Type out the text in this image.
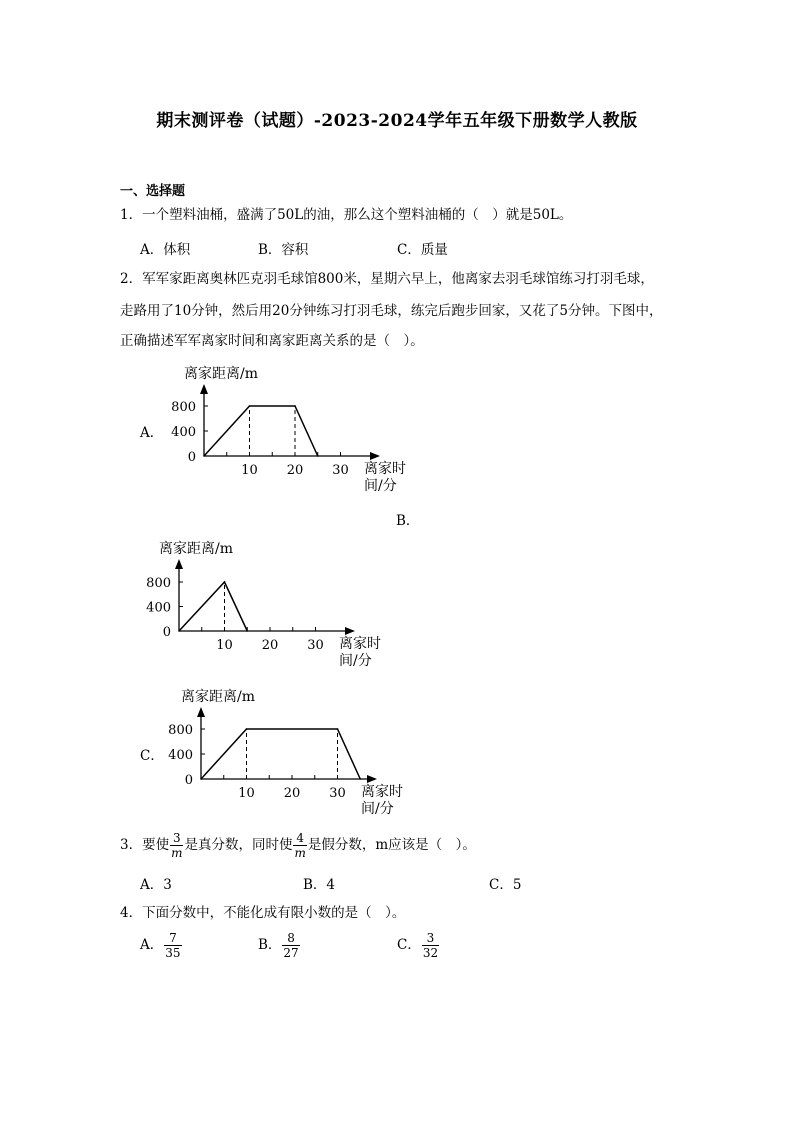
期末测评卷（试题）-2023-2024学年五年级下册数学人教版
一、选择题
1．一个塑料油桶，盛满了50L的油，那么这个塑料油桶的（　）就是50L。
A．体积	B．容积	C．质量
2．军军家距离奥林匹克羽毛球馆800米，星期六早上，他离家去羽毛球馆练习打羽毛球，
走路用了10分钟，然后用20分钟练习打羽毛球，练完后跑步回家，又花了5分钟。下图中，
正确描述军军离家时间和离家距离关系的是（　）。
A．
B．
C．
10 20 30
800
400
0
离家距离/m
离家时
间/分
10 20 30
800
400
0
离家距离/m
离家时
间/分
10 20 30
800
400
0
离家距离/m
离家时
间/分
3．要使 $\frac{3}{m}$ 是真分数，同时使 $\frac{4}{m}$ 是假分数，m应该是（　）。
A．3	B．4	C．5
4．下面分数中，不能化成有限小数的是（　）。
A． $\frac{7}{35}$	B． $\frac{8}{27}$	C． $\frac{3}{32}$
